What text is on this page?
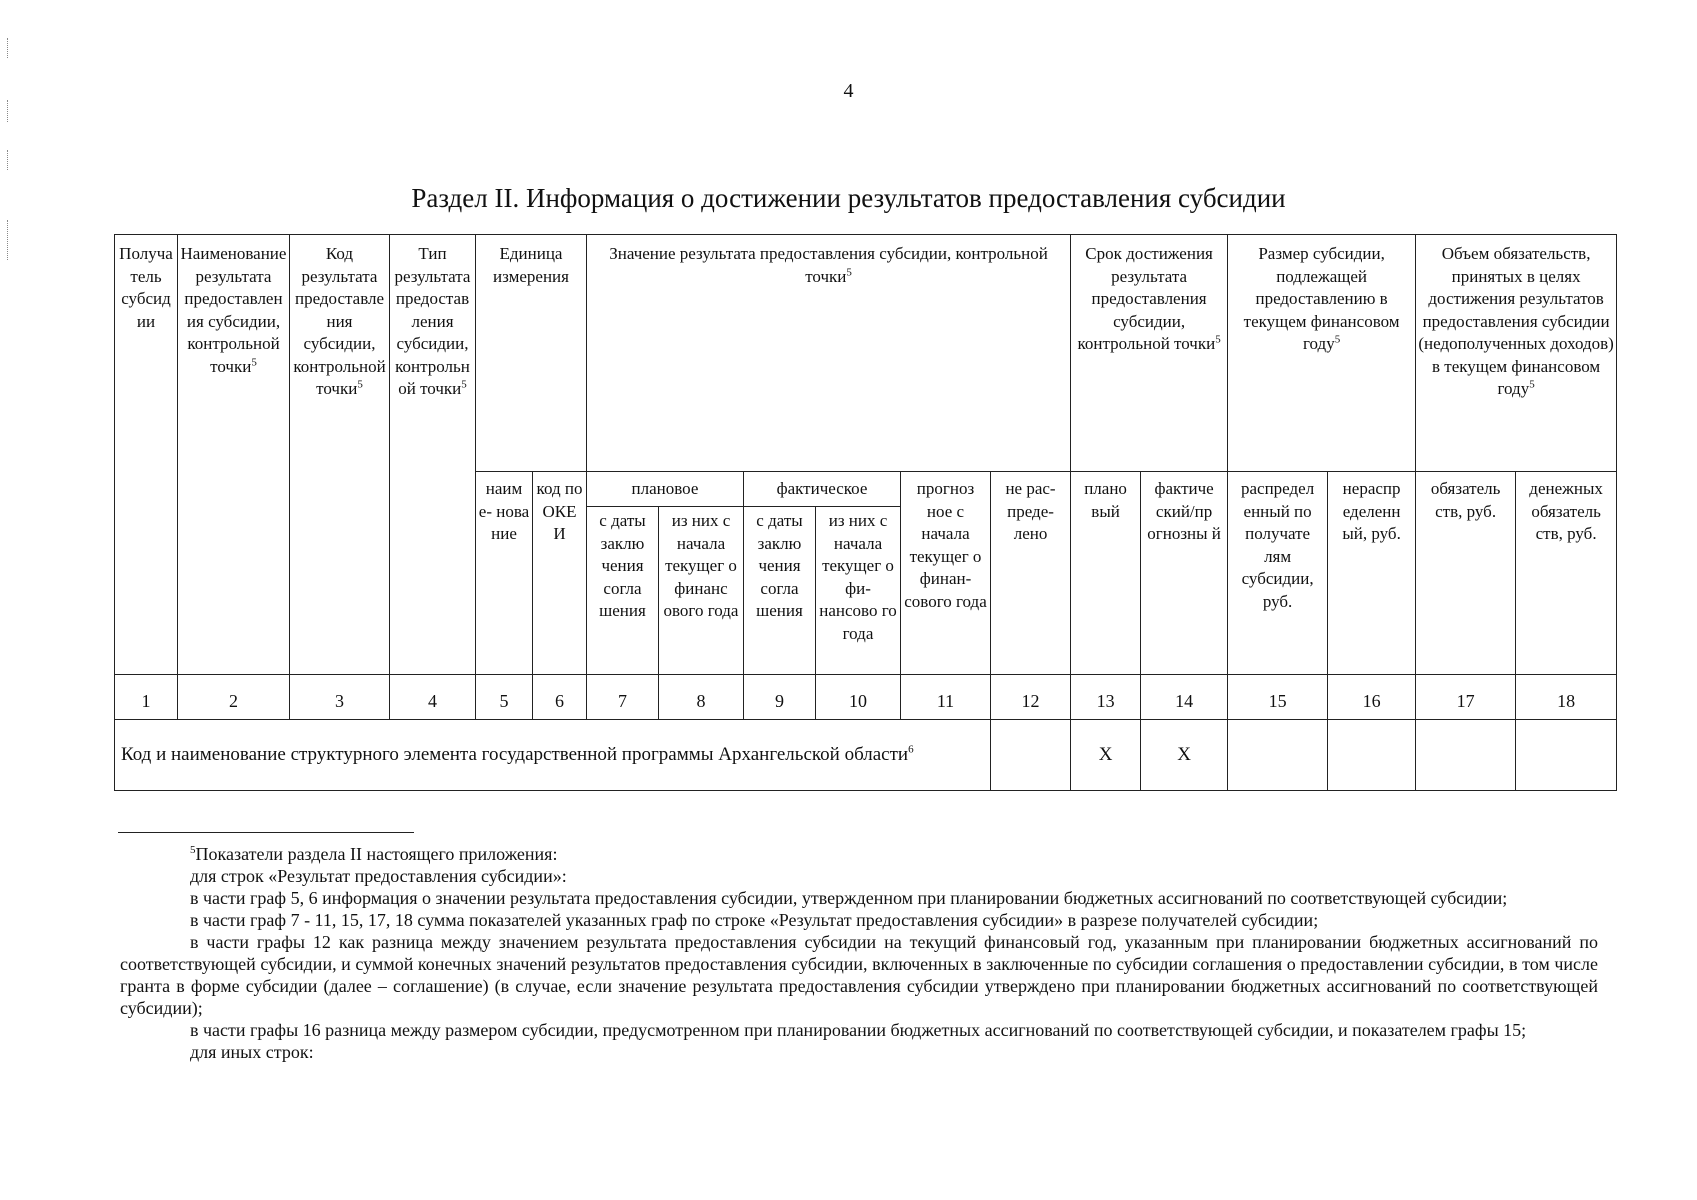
4
Раздел II. Информация о достижении результатов предоставления субсидии
Получатель субсидии	Наименование результата предоставления субсидии, контрольной точки$^5$	Код результата предоставления субсидии, контрольной точки$^5$	Тип результата предоставления субсидии, контрольной точки$^5$	Единица измерения		Значение результата предоставления субсидии, контрольной точки$^5$						Срок достижения результата предоставления субсидии, контрольной точки$^5$		Размер субсидии, подлежащей предоставлению в текущем финансовом году$^5$		Объем обязательств, принятых в целях достижения результатов предоставления субсидии (недополученных доходов) в текущем финансовом году$^5$
				наим е- нова ние	код по ОКЕ И	плановое		фактическое		прогноз ное с начала текущег о финан- сового года	не рас- преде- лено	плано вый	фактиче ский/пр огнозны й	распредел енный по получате лям субсидии, руб.	нераспр еделенн ый, руб.	обязатель ств, руб.	денежных обязатель ств, руб.
						с даты заклю чения согла шения	из них с начала текущег о финанс ового года	с даты заклю чения согла шения	из них с начала текущег о фи- нансово го года								
1	2	3	4	5	6	7	8	9	10	11	12	13	14	15	16	17	18
Код и наименование структурного элемента государственной программы Архангельской области$^6$												X	X				

$^5$Показатели раздела II настоящего приложения:

для строк «Результат предоставления субсидии»:

в части граф 5, 6 информация о значении результата предоставления субсидии, утвержденном при планировании бюджетных ассигнований по соответствующей субсидии;

в части граф 7 - 11, 15, 17, 18 сумма показателей указанных граф по строке «Результат предоставления субсидии» в разрезе получателей субсидии;

в части графы 12 как разница между значением результата предоставления субсидии на текущий финансовый год, указанным при планировании бюджетных ассигнований по соответствующей субсидии, и суммой конечных значений результатов предоставления субсидии, включенных в заключенные по субсидии соглашения о предоставлении субсидии, в том числе гранта в форме субсидии (далее – соглашение) (в случае, если значение результата предоставления субсидии утверждено при планировании бюджетных ассигнований по соответствующей субсидии);

в части графы 16 разница между размером субсидии, предусмотренном при планировании бюджетных ассигнований по соответствующей субсидии, и показателем графы 15;

для иных строк:
